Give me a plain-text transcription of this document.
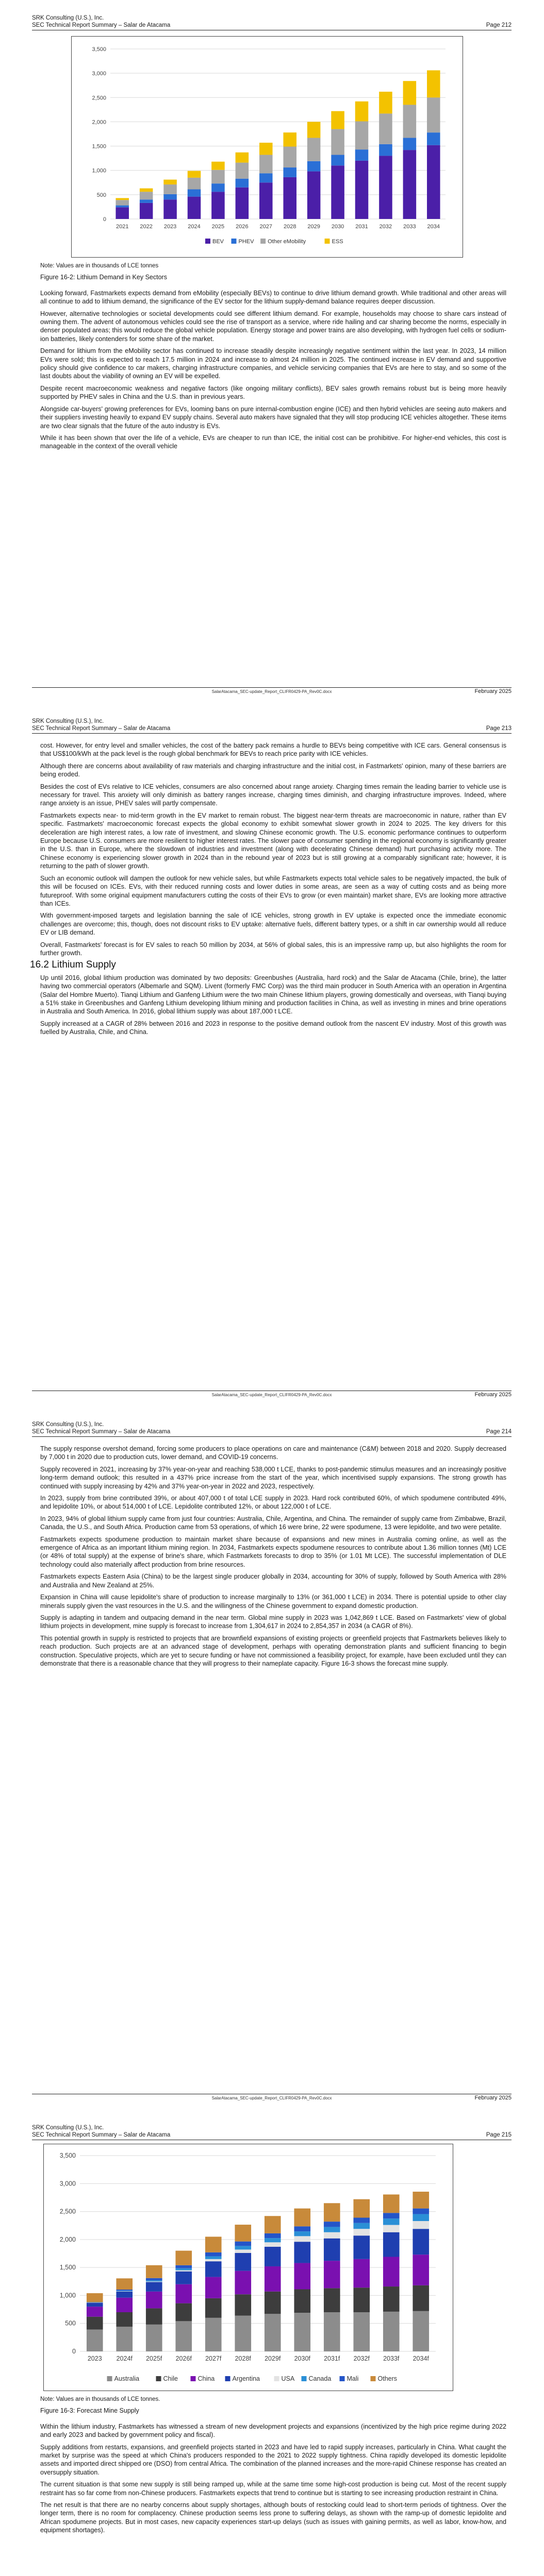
SRK Consulting (U.S.), Inc.
SEC Technical Report Summary – Salar de Atacama	Page 212
0
500
1,000
1,500
2,000
2,500
3,000
3,500
2021 2022 2023 2024 2025 2026 2027 2028 2029 2030 2031 2032 2033 2034
BEV	PHEV Other eMobility	ESS
Note: Values are in thousands of LCE tonnes
Figure 16-2: Lithium Demand in Key Sectors

Looking forward, Fastmarkets expects demand from eMobility (especially BEVs) to continue to drive lithium demand growth. While traditional and other areas will all continue to add to lithium demand, the significance of the EV sector for the lithium supply-demand balance requires deeper discussion.

However, alternative technologies or societal developments could see different lithium demand. For example, households may choose to share cars instead of owning them. The advent of autonomous vehicles could see the rise of transport as a service, where ride hailing and car sharing become the norms, especially in denser populated areas; this would reduce the global vehicle population. Energy storage and power trains are also developing, with hydrogen fuel cells or sodium-ion batteries, likely contenders for some share of the market.

Demand for lithium from the eMobility sector has continued to increase steadily despite increasingly negative sentiment within the last year. In 2023, 14 million EVs were sold; this is expected to reach 17.5 million in 2024 and increase to almost 24 million in 2025. The continued increase in EV demand and supportive policy should give confidence to car makers, charging infrastructure companies, and vehicle servicing companies that EVs are here to stay, and so some of the last doubts about the viability of owning an EV will be expelled.

Despite recent macroeconomic weakness and negative factors (like ongoing military conflicts), BEV sales growth remains robust but is being more heavily supported by PHEV sales in China and the U.S. than in previous years.

Alongside car-buyers' growing preferences for EVs, looming bans on pure internal-combustion engine (ICE) and then hybrid vehicles are seeing auto makers and their suppliers investing heavily to expand EV supply chains. Several auto makers have signaled that they will stop producing ICE vehicles altogether. These items are two clear signals that the future of the auto industry is EVs.

While it has been shown that over the life of a vehicle, EVs are cheaper to run than ICE, the initial cost can be prohibitive. For higher-end vehicles, this cost is manageable in the context of the overall vehicle

SalarAtacama_SEC-update_Report_CLIFR0429-PA_Rev0C.docx	February 2025
SRK Consulting (U.S.), Inc.
SEC Technical Report Summary – Salar de Atacama	Page 213

cost. However, for entry level and smaller vehicles, the cost of the battery pack remains a hurdle to BEVs being competitive with ICE cars. General consensus is that US$100/kWh at the pack level is the rough global benchmark for BEVs to reach price parity with ICE vehicles.

Although there are concerns about availability of raw materials and charging infrastructure and the initial cost, in Fastmarkets' opinion, many of these barriers are being eroded.

Besides the cost of EVs relative to ICE vehicles, consumers are also concerned about range anxiety. Charging times remain the leading barrier to vehicle use is necessary for travel. This anxiety will only diminish as battery ranges increase, charging times diminish, and charging infrastructure improves. Indeed, where range anxiety is an issue, PHEV sales will partly compensate.

Fastmarkets expects near- to mid-term growth in the EV market to remain robust. The biggest near-term threats are macroeconomic in nature, rather than EV specific. Fastmarkets' macroeconomic forecast expects the global economy to exhibit somewhat slower growth in 2024 to 2025. The key drivers for this deceleration are high interest rates, a low rate of investment, and slowing Chinese economic growth. The U.S. economic performance continues to outperform Europe because U.S. consumers are more resilient to higher interest rates. The slower pace of consumer spending in the regional economy is significantly greater in the U.S. than in Europe, where the slowdown of industries and investment (along with decelerating Chinese demand) hurt purchasing activity more. The Chinese economy is experiencing slower growth in 2024 than in the rebound year of 2023 but is still growing at a comparably significant rate; however, it is returning to the path of slower growth.

Such an economic outlook will dampen the outlook for new vehicle sales, but while Fastmarkets expects total vehicle sales to be negatively impacted, the bulk of this will be focused on ICEs. EVs, with their reduced running costs and lower duties in some areas, are seen as a way of cutting costs and as being more futureproof. With some original equipment manufacturers cutting the costs of their EVs to grow (or even maintain) market share, EVs are looking more attractive than ICEs.

With government-imposed targets and legislation banning the sale of ICE vehicles, strong growth in EV uptake is expected once the immediate economic challenges are overcome; this, though, does not discount risks to EV uptake: alternative fuels, different battery types, or a shift in car ownership would all reduce EV or LIB demand.

Overall, Fastmarkets' forecast is for EV sales to reach 50 million by 2034, at 56% of global sales, this is an impressive ramp up, but also highlights the room for further growth.

16.2 Lithium Supply

Up until 2016, global lithium production was dominated by two deposits: Greenbushes (Australia, hard rock) and the Salar de Atacama (Chile, brine), the latter having two commercial operators (Albemarle and SQM). Livent (formerly FMC Corp) was the third main producer in South America with an operation in Argentina (Salar del Hombre Muerto). Tianqi Lithium and Ganfeng Lithium were the two main Chinese lithium players, growing domestically and overseas, with Tianqi buying a 51% stake in Greenbushes and Ganfeng Lithium developing lithium mining and production facilities in China, as well as investing in mines and brine operations in Australia and South America. In 2016, global lithium supply was about 187,000 t LCE.

Supply increased at a CAGR of 28% between 2016 and 2023 in response to the positive demand outlook from the nascent EV industry. Most of this growth was fuelled by Australia, Chile, and China.

SalarAtacama_SEC-update_Report_CLIFR0429-PA_Rev0C.docx	February 2025
SRK Consulting (U.S.), Inc.
SEC Technical Report Summary – Salar de Atacama	Page 214

The supply response overshot demand, forcing some producers to place operations on care and maintenance (C&M) between 2018 and 2020. Supply decreased by 7,000 t in 2020 due to production cuts, lower demand, and COVID-19 concerns.

Supply recovered in 2021, increasing by 37% year-on-year and reaching 538,000 t LCE, thanks to post-pandemic stimulus measures and an increasingly positive long-term demand outlook; this resulted in a 437% price increase from the start of the year, which incentivised supply expansions. The strong growth has continued with supply increasing by 42% and 37% year-on-year in 2022 and 2023, respectively.

In 2023, supply from brine contributed 39%, or about 407,000 t of total LCE supply in 2023. Hard rock contributed 60%, of which spodumene contributed 49%, and lepidolite 10%, or about 514,000 t of LCE. Lepidolite contributed 12%, or about 122,000 t of LCE.

In 2023, 94% of global lithium supply came from just four countries: Australia, Chile, Argentina, and China. The remainder of supply came from Zimbabwe, Brazil, Canada, the U.S., and South Africa. Production came from 53 operations, of which 16 were brine, 22 were spodumene, 13 were lepidolite, and two were petalite.

Fastmarkets expects spodumene production to maintain market share because of expansions and new mines in Australia coming online, as well as the emergence of Africa as an important lithium mining region. In 2034, Fastmarkets expects spodumene resources to contribute about 1.36 million tonnes (Mt) LCE (or 48% of total supply) at the expense of brine's share, which Fastmarkets forecasts to drop to 35% (or 1.01 Mt LCE). The successful implementation of DLE technology could also materially affect production from brine resources.

Fastmarkets expects Eastern Asia (China) to be the largest single producer globally in 2034, accounting for 30% of supply, followed by South America with 28% and Australia and New Zealand at 25%.

Expansion in China will cause lepidolite's share of production to increase marginally to 13% (or 361,000 t LCE) in 2034. There is potential upside to other clay minerals supply given the vast resources in the U.S. and the willingness of the Chinese government to expand domestic production.

Supply is adapting in tandem and outpacing demand in the near term. Global mine supply in 2023 was 1,042,869 t LCE. Based on Fastmarkets' view of global lithium projects in development, mine supply is forecast to increase from 1,304,617 in 2024 to 2,854,357 in 2034 (a CAGR of 8%).

This potential growth in supply is restricted to projects that are brownfield expansions of existing projects or greenfield projects that Fastmarkets believes likely to reach production. Such projects are at an advanced stage of development, perhaps with operating demonstration plants and sufficient financing to begin construction. Speculative projects, which are yet to secure funding or have not commissioned a feasibility project, for example, have been excluded until they can demonstrate that there is a reasonable chance that they will progress to their nameplate capacity. Figure 16-3 shows the forecast mine supply.

SalarAtacama_SEC-update_Report_CLIFR0429-PA_Rev0C.docx	February 2025
SRK Consulting (U.S.), Inc.
SEC Technical Report Summary – Salar de Atacama	Page 215
0
500
1,000
1,500
2,000
2,500
3,000
3,500
2023 2024f 2025f 2026f 2027f 2028f 2029f 2030f 2031f 2032f 2033f 2034f
Australia	Chile	China	Argentina	USA Canada Mali	Others
Note: Values are in thousands of LCE tonnes.
Figure 16-3: Forecast Mine Supply

Within the lithium industry, Fastmarkets has witnessed a stream of new development projects and expansions (incentivized by the high price regime during 2022 and early 2023 and backed by government policy and fiscal).

Supply additions from restarts, expansions, and greenfield projects started in 2023 and have led to rapid supply increases, particularly in China. What caught the market by surprise was the speed at which China's producers responded to the 2021 to 2022 supply tightness. China rapidly developed its domestic lepidolite assets and imported direct shipped ore (DSO) from central Africa. The combination of the planned increases and the more-rapid Chinese response has created an oversupply situation.

The current situation is that some new supply is still being ramped up, while at the same time some high-cost production is being cut. Most of the recent supply restraint has so far come from non-Chinese producers. Fastmarkets expects that trend to continue but is starting to see increasing production restraint in China.

The net result is that there are no nearby concerns about supply shortages, although bouts of restocking could lead to short-term periods of tightness. Over the longer term, there is no room for complacency. Chinese production seems less prone to suffering delays, as shown with the ramp-up of domestic lepidolite and African spodumene projects. But in most cases, new capacity experiences start-up delays (such as issues with gaining permits, as well as labor, know-how, and equipment shortages).
